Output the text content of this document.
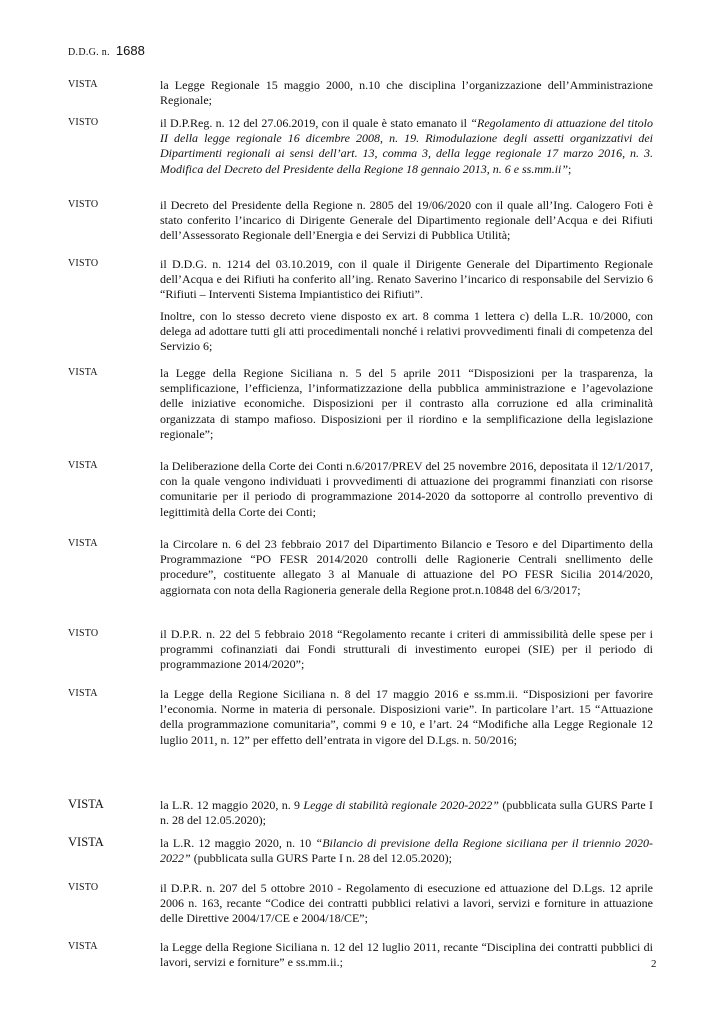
D.D.G. n. 1688
VISTA	la Legge Regionale 15 maggio 2000, n.10 che disciplina l’organizzazione dell’Amministrazione Regionale;

VISTO	il D.P.Reg. n. 12 del 27.06.2019, con il quale è stato emanato il “Regolamento di attuazione del titolo II della legge regionale 16 dicembre 2008, n. 19. Rimodulazione degli assetti organizzativi dei Dipartimenti regionali ai sensi dell’art. 13, comma 3, della legge regionale 17 marzo 2016, n. 3. Modifica del Decreto del Presidente della Regione 18 gennaio 2013, n. 6 e ss.mm.ii”;

VISTO	il Decreto del Presidente della Regione n. 2805 del 19/06/2020 con il quale all’Ing. Calogero Foti è stato conferito l’incarico di Dirigente Generale del Dipartimento regionale dell’Acqua e dei Rifiuti dell’Assessorato Regionale dell’Energia e dei Servizi di Pubblica Utilità;

VISTO	il D.D.G. n. 1214 del 03.10.2019, con il quale il Dirigente Generale del Dipartimento Regionale dell’Acqua e dei Rifiuti ha conferito all’ing. Renato Saverino l’incarico di responsabile del Servizio 6 “Rifiuti – Interventi Sistema Impiantistico dei Rifiuti”.

Inoltre, con lo stesso decreto viene disposto ex art. 8 comma 1 lettera c) della L.R. 10/2000, con delega ad adottare tutti gli atti procedimentali nonché i relativi provvedimenti finali di competenza del Servizio 6;

VISTA	la Legge della Regione Siciliana n. 5 del 5 aprile 2011 “Disposizioni per la trasparenza, la semplificazione, l’efficienza, l’informatizzazione della pubblica amministrazione e l’agevolazione delle iniziative economiche. Disposizioni per il contrasto alla corruzione ed alla criminalità organizzata di stampo mafioso. Disposizioni per il riordino e la semplificazione della legislazione regionale”;

VISTA	la Deliberazione della Corte dei Conti n.6/2017/PREV del 25 novembre 2016, depositata il 12/1/2017, con la quale vengono individuati i provvedimenti di attuazione dei programmi finanziati con risorse comunitarie per il periodo di programmazione 2014-2020 da sottoporre al controllo preventivo di legittimità della Corte dei Conti;

VISTA	la Circolare n. 6 del 23 febbraio 2017 del Dipartimento Bilancio e Tesoro e del Dipartimento della Programmazione “PO FESR 2014/2020 controlli delle Ragionerie Centrali snellimento delle procedure”, costituente allegato 3 al Manuale di attuazione del PO FESR Sicilia 2014/2020, aggiornata con nota della Ragioneria generale della Regione prot.n.10848 del 6/3/2017;

VISTO	il D.P.R. n. 22 del 5 febbraio 2018 “Regolamento recante i criteri di ammissibilità delle spese per i programmi cofinanziati dai Fondi strutturali di investimento europei (SIE) per il periodo di programmazione 2014/2020”;

VISTA	la Legge della Regione Siciliana n. 8 del 17 maggio 2016 e ss.mm.ii. “Disposizioni per favorire l’economia. Norme in materia di personale. Disposizioni varie”. In particolare l’art. 15 “Attuazione della programmazione comunitaria”, commi 9 e 10, e l’art. 24 “Modifiche alla Legge Regionale 12 luglio 2011, n. 12” per effetto dell’entrata in vigore del D.Lgs. n. 50/2016;

VISTA	la L.R. 12 maggio 2020, n. 9 Legge di stabilità regionale 2020-2022” (pubblicata sulla GURS Parte I n. 28 del 12.05.2020);

VISTA	la L.R. 12 maggio 2020, n. 10 “Bilancio di previsione della Regione siciliana per il triennio 2020-2022” (pubblicata sulla GURS Parte I n. 28 del 12.05.2020);

VISTO	il D.P.R. n. 207 del 5 ottobre 2010 - Regolamento di esecuzione ed attuazione del D.Lgs. 12 aprile 2006 n. 163, recante “Codice dei contratti pubblici relativi a lavori, servizi e forniture in attuazione delle Direttive 2004/17/CE e 2004/18/CE”;

VISTA	la Legge della Regione Siciliana n. 12 del 12 luglio 2011, recante “Disciplina dei contratti pubblici di lavori, servizi e forniture” e ss.mm.ii.;	2
